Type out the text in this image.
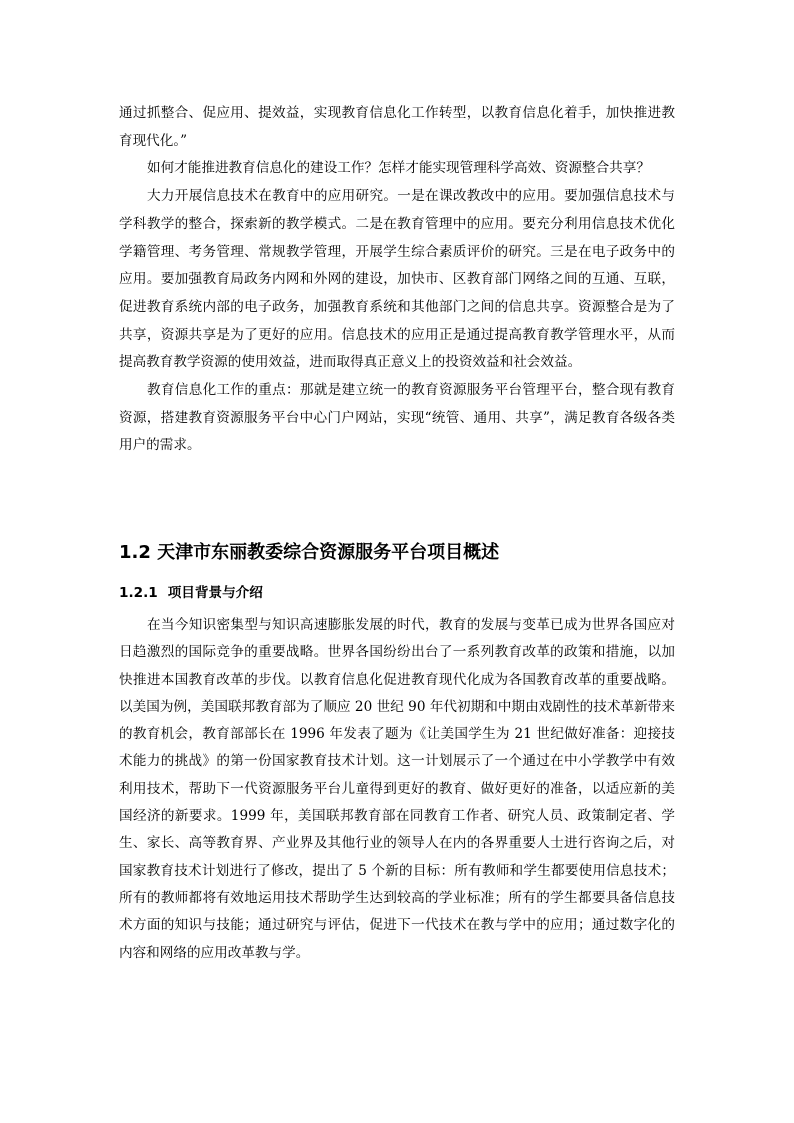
通过抓整合、促应用、提效益，实现教育信息化工作转型，以教育信息化着手，加快推进教育现代化。”

如何才能推进教育信息化的建设工作？怎样才能实现管理科学高效、资源整合共享？

大力开展信息技术在教育中的应用研究。一是在课改教改中的应用。要加强信息技术与学科教学的整合，探索新的教学模式。二是在教育管理中的应用。要充分利用信息技术优化学籍管理、考务管理、常规教学管理，开展学生综合素质评价的研究。三是在电子政务中的应用。要加强教育局政务内网和外网的建设，加快市、区教育部门网络之间的互通、互联，促进教育系统内部的电子政务，加强教育系统和其他部门之间的信息共享。资源整合是为了共享，资源共享是为了更好的应用。信息技术的应用正是通过提高教育教学管理水平，从而提高教育教学资源的使用效益，进而取得真正意义上的投资效益和社会效益。

教育信息化工作的重点：那就是建立统一的教育资源服务平台管理平台，整合现有教育资源，搭建教育资源服务平台中心门户网站，实现“统管、通用、共享”，满足教育各级各类用户的需求。

1.2 天津市东丽教委综合资源服务平台项目概述
1.2.1 项目背景与介绍

在当今知识密集型与知识高速膨胀发展的时代，教育的发展与变革已成为世界各国应对日趋激烈的国际竞争的重要战略。世界各国纷纷出台了一系列教育改革的政策和措施，以加快推进本国教育改革的步伐。以教育信息化促进教育现代化成为各国教育改革的重要战略。以美国为例，美国联邦教育部为了顺应 20 世纪 90 年代初期和中期由戏剧性的技术革新带来的教育机会，教育部部长在 1996 年发表了题为《让美国学生为 21 世纪做好准备：迎接技术能力的挑战》的第一份国家教育技术计划。这一计划展示了一个通过在中小学教学中有效利用技术，帮助下一代资源服务平台儿童得到更好的教育、做好更好的准备，以适应新的美国经济的新要求。1999 年，美国联邦教育部在同教育工作者、研究人员、政策制定者、学生、家长、高等教育界、产业界及其他行业的领导人在内的各界重要人士进行咨询之后，对国家教育技术计划进行了修改，提出了 5 个新的目标：所有教师和学生都要使用信息技术；所有的教师都将有效地运用技术帮助学生达到较高的学业标准；所有的学生都要具备信息技术方面的知识与技能；通过研究与评估，促进下一代技术在教与学中的应用；通过数字化的内容和网络的应用改革教与学。
